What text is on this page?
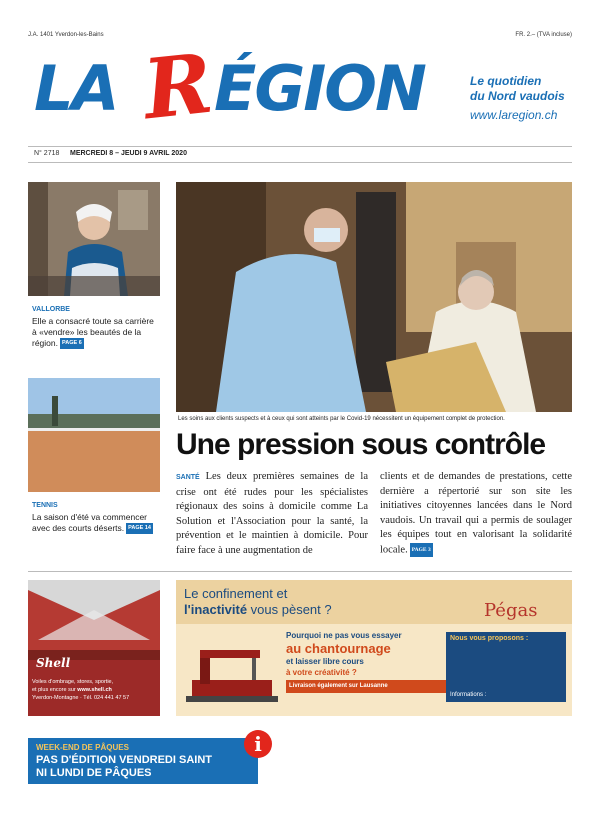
J.A. 1401 Yverdon-les-Bains	FR. 2.– (TVA incluse)
LA R
ÉGION	Le quotidien
du Nord vaudois
www.laregion.ch
N° 2718 MERCREDI 8 – JEUDI 9 AVRIL 2020
VALLORBE
Elle a consacré toute sa carrière à «vendre» les beautés de la région. PAGE 6
TENNIS
La saison d'été va commencer avec des courts déserts. PAGE 14
Les soins aux clients suspects et à ceux qui sont atteints par le Covid-19 nécessitent un équipement complet de protection.
Une pression sous contrôle
SANTÉ Les deux premières semaines de la crise ont été rudes pour les spécialistes régionaux des soins à domicile comme La Solution et l'Association pour la santé, la prévention et le maintien à domicile. Pour faire face à une augmentation de
clients et de demandes de prestations, cette dernière a répertorié sur son site les initiatives citoyennes lancées dans le Nord vaudois. Un travail qui a permis de soulager les équipes tout en valorisant la solidarité locale. PAGE 3
Shell
Voiles d'ombrage, stores, sportie,
et plus encore sur www.shell.ch
Yverdon-Montagne · Tél. 024 441 47 57
Le confinement et
l'inactivité vous pèsent ?	Pégas
Pourquoi ne pas vous essayer
au chantournage
et laisser libre cours
à votre créativité ?
Livraison également sur Lausanne
Nous vous proposons :
Informations :
WEEK-END DE PÂQUES
PAS D'ÉDITION VENDREDI SAINT
NI LUNDI DE PÂQUES
i
